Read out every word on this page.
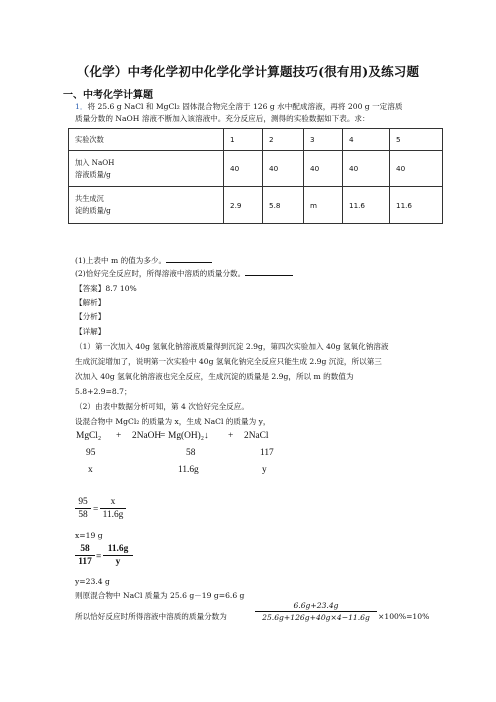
（化学）中考化学初中化学化学计算题技巧(很有用)及练习题
一、中考化学计算题
1．将 25.6 g NaCl 和 MgCl₂ 固体混合物完全溶于 126 g 水中配成溶液，再将 200 g 一定溶质
质量分数的 NaOH 溶液不断加入该溶液中。充分反应后，测得的实验数据如下表。求：
实验次数	1	2	3	4	5

加入 NaOH
溶液质量/g	40	40	40	40	40

共生成沉
淀的质量/g	2.9	5.8	m	11.6	11.6
(1)上表中 m 的值为多少。
(2)恰好完全反应时，所得溶液中溶质的质量分数。
【答案】8.7 10%
【解析】
【分析】
【详解】
（1）第一次加入 40g 氢氧化钠溶液质量得到沉淀 2.9g，第四次实验加入 40g 氢氧化钠溶液
生成沉淀增加了，说明第一次实验中 40g 氢氧化钠完全反应只能生成 2.9g 沉淀，所以第三
次加入 40g 氢氧化钠溶液也完全反应，生成沉淀的质量是 2.9g，所以 m 的数值为
5.8+2.9=8.7；
（2）由表中数据分析可知，第 4 次恰好完全反应。
设混合物中 MgCl₂ 的质量为 x，生成 NaCl 的质量为 y，
MgCl₂ + 2NaOH
= Mg(OH)₂↓ + 2NaCl
95	58	117
x	11.6g	y
95
58 =
x
11.6g
x=19 g
58
117 =
11.6g
y
y=23.4 g
则原混合物中 NaCl 质量为 25.6 g－19 g=6.6 g
所以恰好反应时所得溶液中溶质的质量分数为
6.6g+23.4g
25.6g+126g+40g×4−11.6g	×100%=10%
